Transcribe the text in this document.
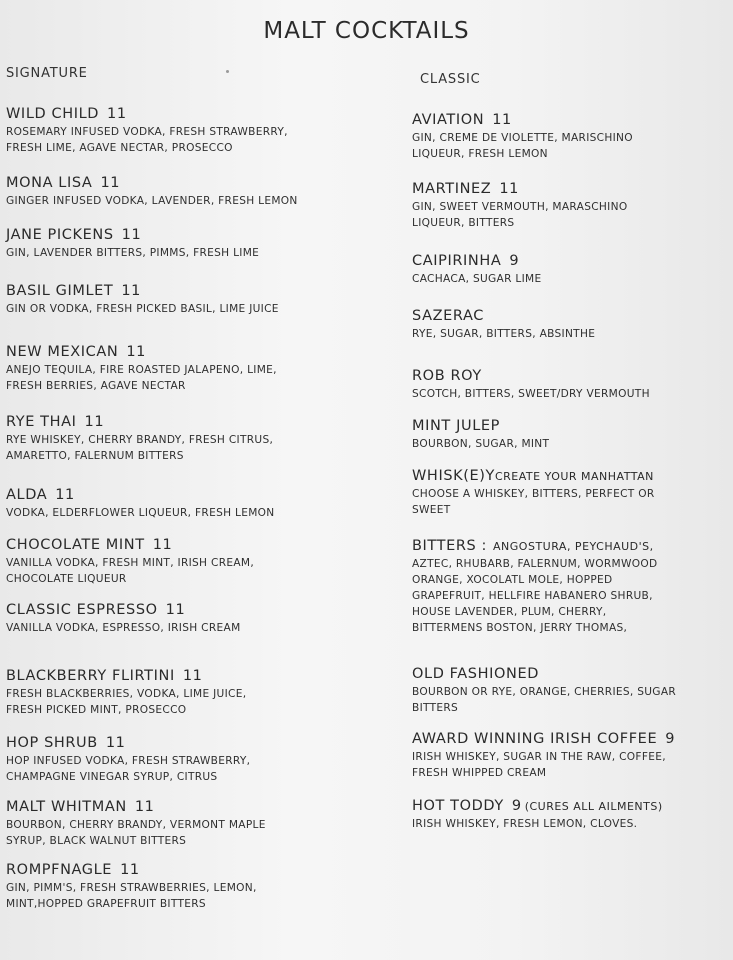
MALT COCKTAILS
SIGNATURE	CLASSIC
WILD CHILD 11
ROSEMARY INFUSED VODKA, FRESH STRAWBERRY,
FRESH LIME, AGAVE NECTAR, PROSECCO
MONA LISA 11
GINGER INFUSED VODKA, LAVENDER, FRESH LEMON
JANE PICKENS 11
GIN, LAVENDER BITTERS, PIMMS, FRESH LIME
BASIL GIMLET 11
GIN OR VODKA, FRESH PICKED BASIL, LIME JUICE
NEW MEXICAN 11
ANEJO TEQUILA, FIRE ROASTED JALAPENO, LIME,
FRESH BERRIES, AGAVE NECTAR
RYE THAI 11
RYE WHISKEY, CHERRY BRANDY, FRESH CITRUS,
AMARETTO, FALERNUM BITTERS
ALDA 11
VODKA, ELDERFLOWER LIQUEUR, FRESH LEMON
CHOCOLATE MINT 11
VANILLA VODKA, FRESH MINT, IRISH CREAM,
CHOCOLATE LIQUEUR
CLASSIC ESPRESSO 11
VANILLA VODKA, ESPRESSO, IRISH CREAM
BLACKBERRY FLIRTINI 11
FRESH BLACKBERRIES, VODKA, LIME JUICE,
FRESH PICKED MINT, PROSECCO
HOP SHRUB 11
HOP INFUSED VODKA, FRESH STRAWBERRY,
CHAMPAGNE VINEGAR SYRUP, CITRUS
MALT WHITMAN 11
BOURBON, CHERRY BRANDY, VERMONT MAPLE
SYRUP, BLACK WALNUT BITTERS
ROMPFNAGLE 11
GIN, PIMM'S, FRESH STRAWBERRIES, LEMON,
MINT,HOPPED GRAPEFRUIT BITTERS
AVIATION 11
GIN, CREME DE VIOLETTE, MARISCHINO
LIQUEUR, FRESH LEMON
MARTINEZ 11
GIN, SWEET VERMOUTH, MARASCHINO
LIQUEUR, BITTERS
CAIPIRINHA 9
CACHACA, SUGAR LIME
SAZERAC
RYE, SUGAR, BITTERS, ABSINTHE
ROB ROY
SCOTCH, BITTERS, SWEET/DRY VERMOUTH
MINT JULEP
BOURBON, SUGAR, MINT
WHISK(E)YCREATE YOUR MANHATTAN
CHOOSE A WHISKEY, BITTERS, PERFECT OR
SWEET
BITTERS : ANGOSTURA, PEYCHAUD'S,
AZTEC, RHUBARB, FALERNUM, WORMWOOD
ORANGE, XOCOLATL MOLE, HOPPED
GRAPEFRUIT, HELLFIRE HABANERO SHRUB,
HOUSE LAVENDER, PLUM, CHERRY,
BITTERMENS BOSTON, JERRY THOMAS,
OLD FASHIONED
BOURBON OR RYE, ORANGE, CHERRIES, SUGAR
BITTERS
AWARD WINNING IRISH COFFEE 9
IRISH WHISKEY, SUGAR IN THE RAW, COFFEE,
FRESH WHIPPED CREAM
HOT TODDY 9 (CURES ALL AILMENTS)
IRISH WHISKEY, FRESH LEMON, CLOVES.
